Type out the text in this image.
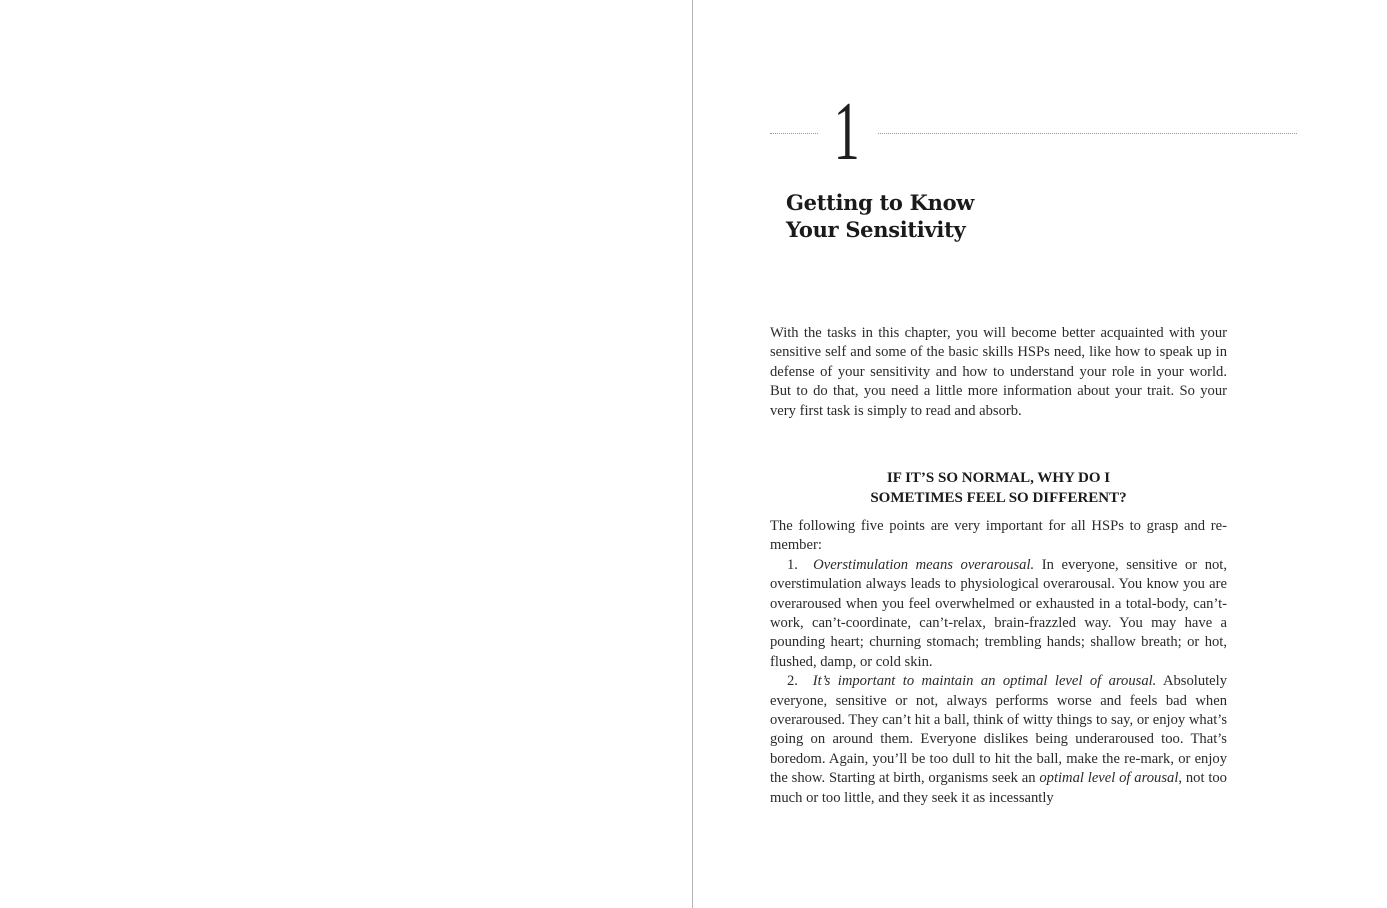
1
Getting to Know
Your Sensitivity

With the tasks in this chapter, you will become better acquainted with your sensitive self and some of the basic skills HSPs need, like how to speak up in defense of your sensitivity and how to understand your role in your world. But to do that, you need a little more information about your trait. So your very first task is simply to read and absorb.

IF IT’S SO NORMAL, WHY DO I
SOMETIMES FEEL SO DIFFERENT?

The following five points are very important for all HSPs to grasp and re-member:

1. Overstimulation means overarousal. In everyone, sensitive or not, overstimulation always leads to physiological overarousal. You know you are overaroused when you feel overwhelmed or exhausted in a total-body, can’t-work, can’t-coordinate, can’t-relax, brain-frazzled way. You may have a pounding heart; churning stomach; trembling hands; shallow breath; or hot, flushed, damp, or cold skin.

2. It’s important to maintain an optimal level of arousal. Absolutely everyone, sensitive or not, always performs worse and feels bad when overaroused. They can’t hit a ball, think of witty things to say, or enjoy what’s going on around them. Everyone dislikes being underaroused too. That’s boredom. Again, you’ll be too dull to hit the ball, make the re-mark, or enjoy the show. Starting at birth, organisms seek an optimal level of arousal, not too much or too little, and they seek it as incessantly
